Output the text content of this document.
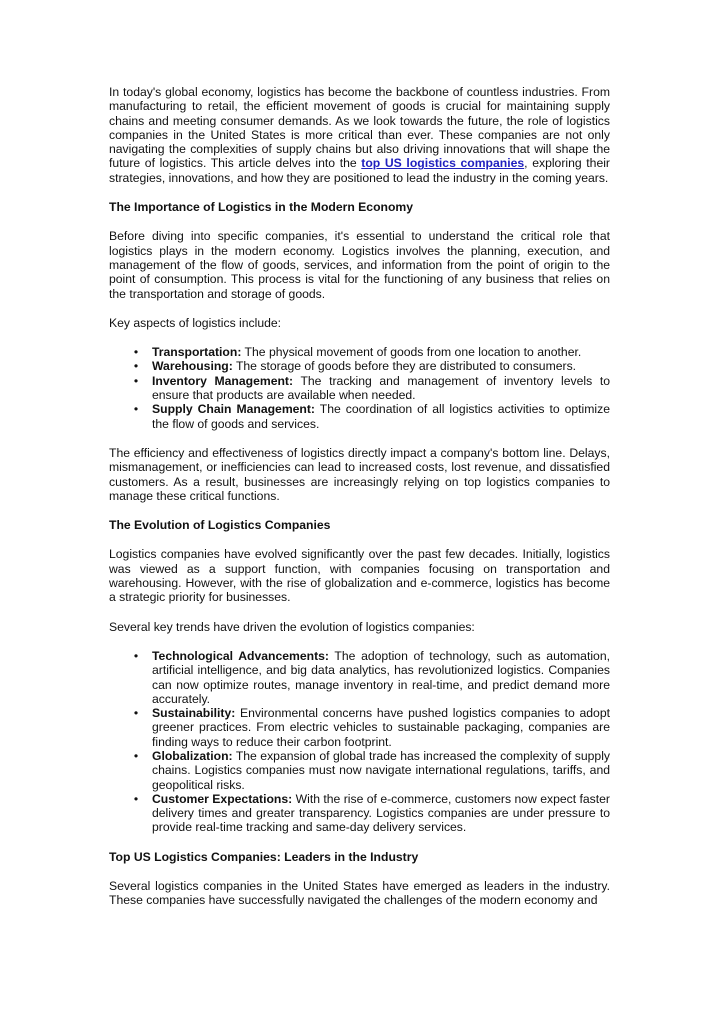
In today's global economy, logistics has become the backbone of countless industries. From manufacturing to retail, the efficient movement of goods is crucial for maintaining supply chains and meeting consumer demands. As we look towards the future, the role of logistics companies in the United States is more critical than ever. These companies are not only navigating the complexities of supply chains but also driving innovations that will shape the future of logistics. This article delves into the top US logistics companies, exploring their strategies, innovations, and how they are positioned to lead the industry in the coming years.

The Importance of Logistics in the Modern Economy

Before diving into specific companies, it's essential to understand the critical role that logistics plays in the modern economy. Logistics involves the planning, execution, and management of the flow of goods, services, and information from the point of origin to the point of consumption. This process is vital for the functioning of any business that relies on the transportation and storage of goods.

Key aspects of logistics include:

• Transportation: The physical movement of goods from one location to another.
• Warehousing: The storage of goods before they are distributed to consumers.
• Inventory Management: The tracking and management of inventory levels to ensure that products are available when needed.
• Supply Chain Management: The coordination of all logistics activities to optimize the flow of goods and services.

The efficiency and effectiveness of logistics directly impact a company's bottom line. Delays, mismanagement, or inefficiencies can lead to increased costs, lost revenue, and dissatisfied customers. As a result, businesses are increasingly relying on top logistics companies to manage these critical functions.

The Evolution of Logistics Companies

Logistics companies have evolved significantly over the past few decades. Initially, logistics was viewed as a support function, with companies focusing on transportation and warehousing. However, with the rise of globalization and e-commerce, logistics has become a strategic priority for businesses.

Several key trends have driven the evolution of logistics companies:

• Technological Advancements: The adoption of technology, such as automation, artificial intelligence, and big data analytics, has revolutionized logistics. Companies can now optimize routes, manage inventory in real-time, and predict demand more accurately.
• Sustainability: Environmental concerns have pushed logistics companies to adopt greener practices. From electric vehicles to sustainable packaging, companies are finding ways to reduce their carbon footprint.
• Globalization: The expansion of global trade has increased the complexity of supply chains. Logistics companies must now navigate international regulations, tariffs, and geopolitical risks.
• Customer Expectations: With the rise of e-commerce, customers now expect faster delivery times and greater transparency. Logistics companies are under pressure to provide real-time tracking and same-day delivery services.
Top US Logistics Companies: Leaders in the Industry

Several logistics companies in the United States have emerged as leaders in the industry. These companies have successfully navigated the challenges of the modern economy and
